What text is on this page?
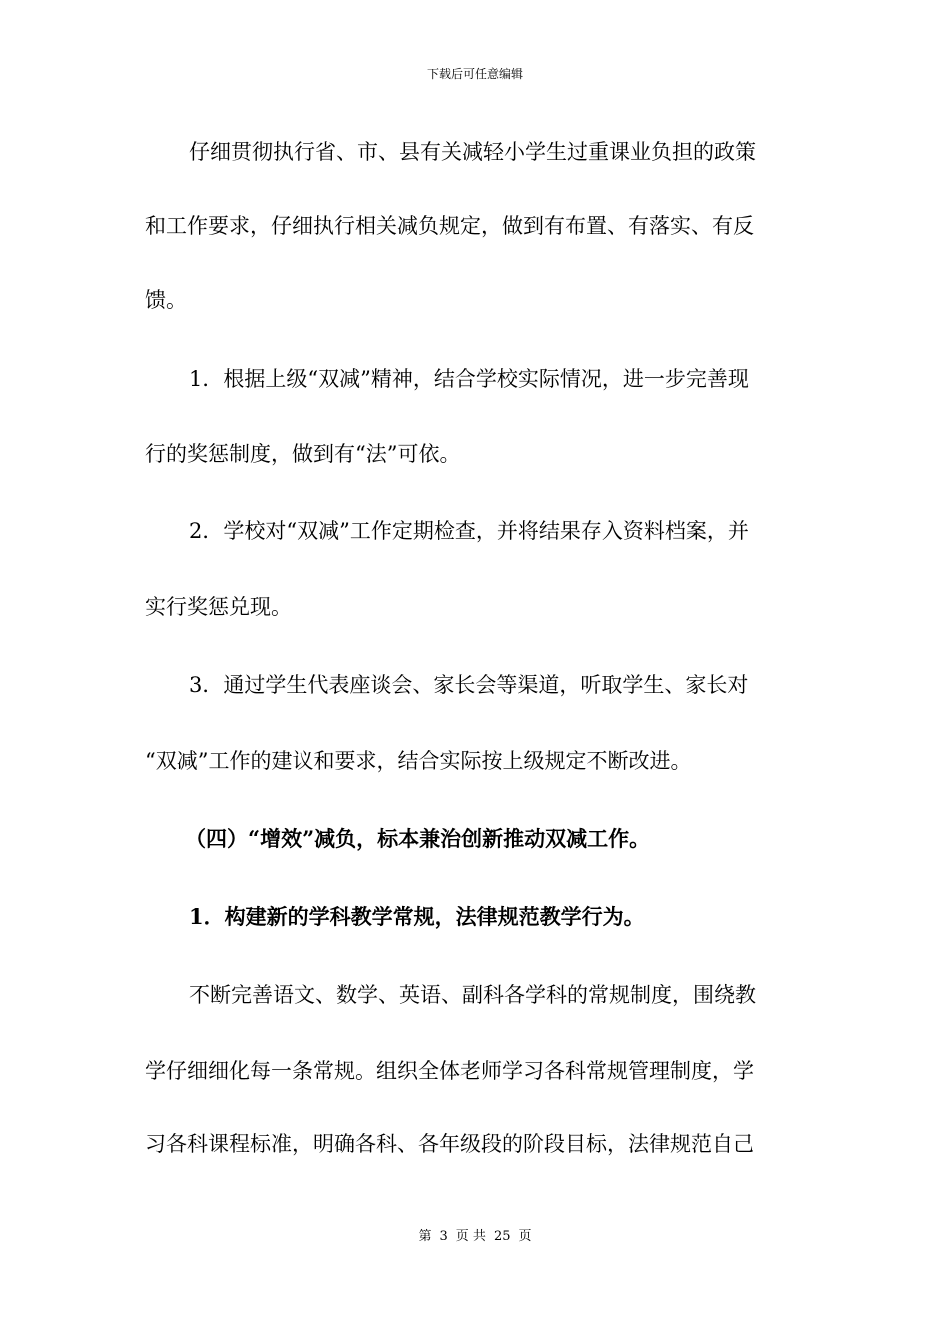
下载后可任意编辑
仔细贯彻执行省、市、县有关减轻小学生过重课业负担的政策
和工作要求，仔细执行相关减负规定，做到有布置、有落实、有反
馈。
1．根据上级“双减”精神，结合学校实际情况，进一步完善现
行的奖惩制度，做到有“法”可依。
2．学校对“双减”工作定期检查，并将结果存入资料档案，并
实行奖惩兑现。
3．通过学生代表座谈会、家长会等渠道，听取学生、家长对
“双减”工作的建议和要求，结合实际按上级规定不断改进。
（四）“增效”减负，标本兼治创新推动双减工作。
1．构建新的学科教学常规，法律规范教学行为。
不断完善语文、数学、英语、副科各学科的常规制度，围绕教
学仔细细化每一条常规。组织全体老师学习各科常规管理制度，学
习各科课程标准，明确各科、各年级段的阶段目标，法律规范自己
第 3 页 共 25 页
